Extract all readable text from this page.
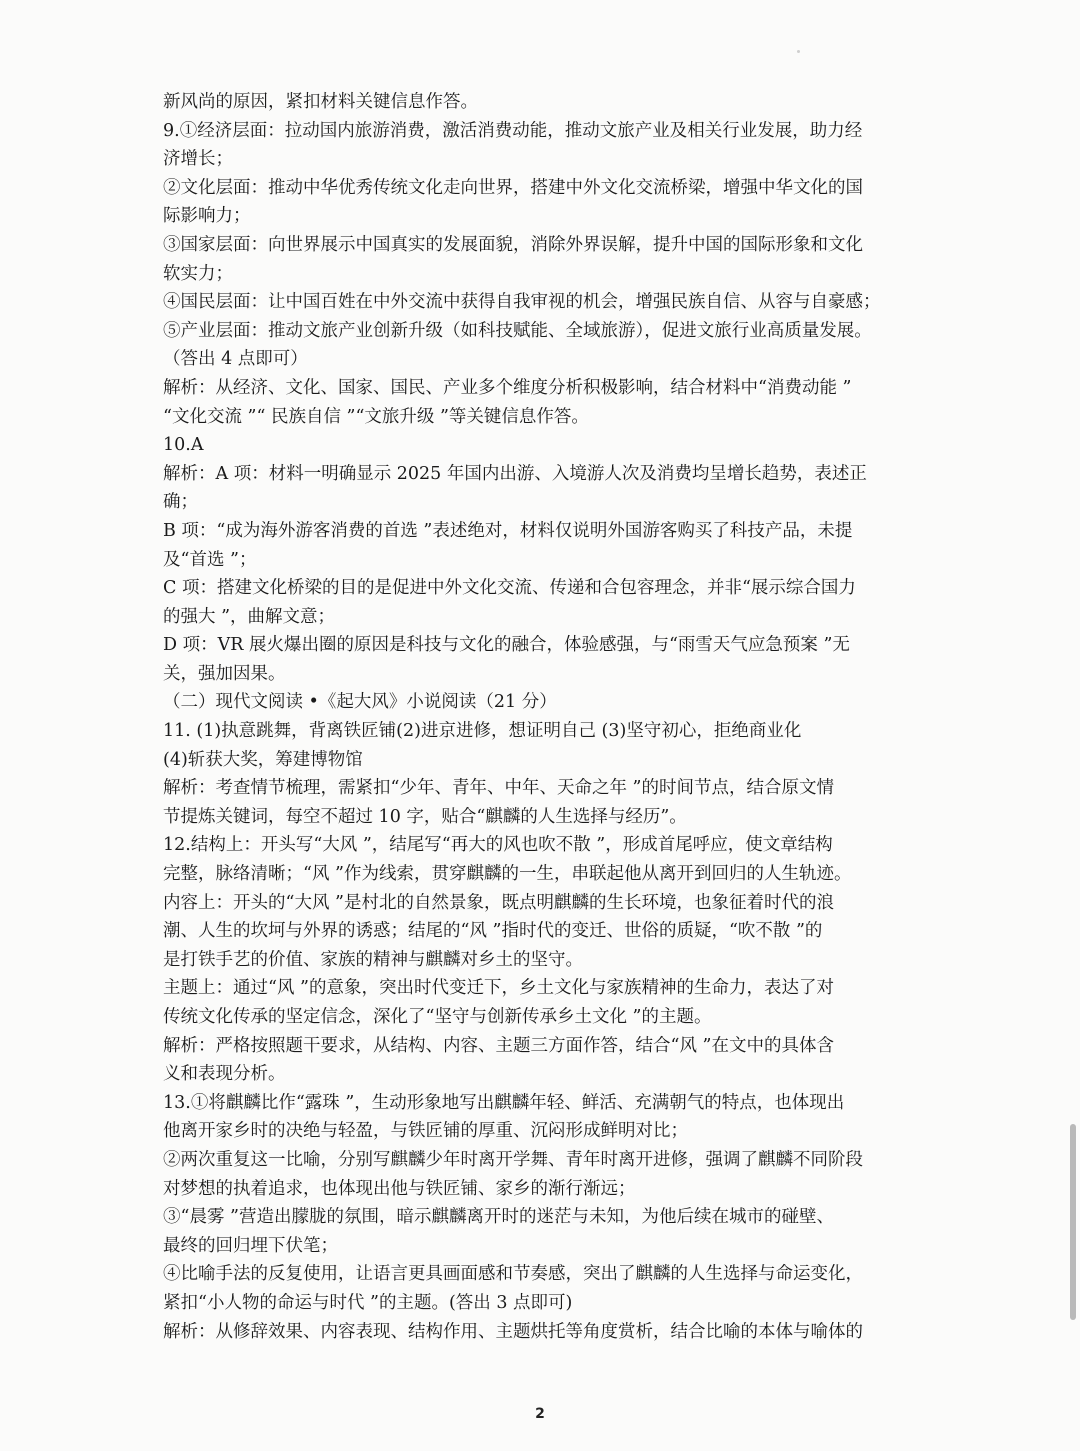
新风尚的原因，紧扣材料关键信息作答。
9.①经济层面：拉动国内旅游消费，激活消费动能，推动文旅产业及相关行业发展，助力经
济增长；
②文化层面：推动中华优秀传统文化走向世界，搭建中外文化交流桥梁，增强中华文化的国
际影响力；
③国家层面：向世界展示中国真实的发展面貌，消除外界误解，提升中国的国际形象和文化
软实力；
④国民层面：让中国百姓在中外交流中获得自我审视的机会，增强民族自信、从容与自豪感；
⑤产业层面：推动文旅产业创新升级（如科技赋能、全域旅游），促进文旅行业高质量发展。
（答出 4 点即可）
解析：从经济、文化、国家、国民、产业多个维度分析积极影响，结合材料中“消费动能 ”
“文化交流 ”“ 民族自信 ”“文旅升级 ”等关键信息作答。
10.A
解析：A 项：材料一明确显示 2025 年国内出游、入境游人次及消费均呈增长趋势，表述正
确；
B 项：“成为海外游客消费的首选 ”表述绝对，材料仅说明外国游客购买了科技产品，未提
及“首选 ”；
C 项：搭建文化桥梁的目的是促进中外文化交流、传递和合包容理念，并非“展示综合国力
的强大 ”，曲解文意；
D 项：VR 展火爆出圈的原因是科技与文化的融合，体验感强，与“雨雪天气应急预案 ”无
关，强加因果。
（二）现代文阅读 •《起大风》小说阅读（21 分）
11. (1)执意跳舞，背离铁匠铺(2)进京进修，想证明自己 (3)坚守初心，拒绝商业化
(4)斩获大奖，筹建博物馆
解析：考查情节梳理，需紧扣“少年、青年、中年、天命之年 ”的时间节点，结合原文情
节提炼关键词，每空不超过 10 字，贴合“麒麟的人生选择与经历”。
12.结构上：开头写“大风 ”，结尾写“再大的风也吹不散 ”，形成首尾呼应，使文章结构
完整，脉络清晰；“风 ”作为线索，贯穿麒麟的一生，串联起他从离开到回归的人生轨迹。
内容上：开头的“大风 ”是村北的自然景象，既点明麒麟的生长环境，也象征着时代的浪
潮、人生的坎坷与外界的诱惑；结尾的“风 ”指时代的变迁、世俗的质疑，“吹不散 ”的
是打铁手艺的价值、家族的精神与麒麟对乡土的坚守。
主题上：通过“风 ”的意象，突出时代变迁下，乡土文化与家族精神的生命力，表达了对
传统文化传承的坚定信念，深化了“坚守与创新传承乡土文化 ”的主题。
解析：严格按照题干要求，从结构、内容、主题三方面作答，结合“风 ”在文中的具体含
义和表现分析。
13.①将麒麟比作“露珠 ”，生动形象地写出麒麟年轻、鲜活、充满朝气的特点，也体现出
他离开家乡时的决绝与轻盈，与铁匠铺的厚重、沉闷形成鲜明对比；
②两次重复这一比喻，分别写麒麟少年时离开学舞、青年时离开进修，强调了麒麟不同阶段
对梦想的执着追求，也体现出他与铁匠铺、家乡的渐行渐远；
③“晨雾 ”营造出朦胧的氛围，暗示麒麟离开时的迷茫与未知，为他后续在城市的碰壁、
最终的回归埋下伏笔；
④比喻手法的反复使用，让语言更具画面感和节奏感，突出了麒麟的人生选择与命运变化，
紧扣“小人物的命运与时代 ”的主题。(答出 3 点即可)
解析：从修辞效果、内容表现、结构作用、主题烘托等角度赏析，结合比喻的本体与喻体的
2
